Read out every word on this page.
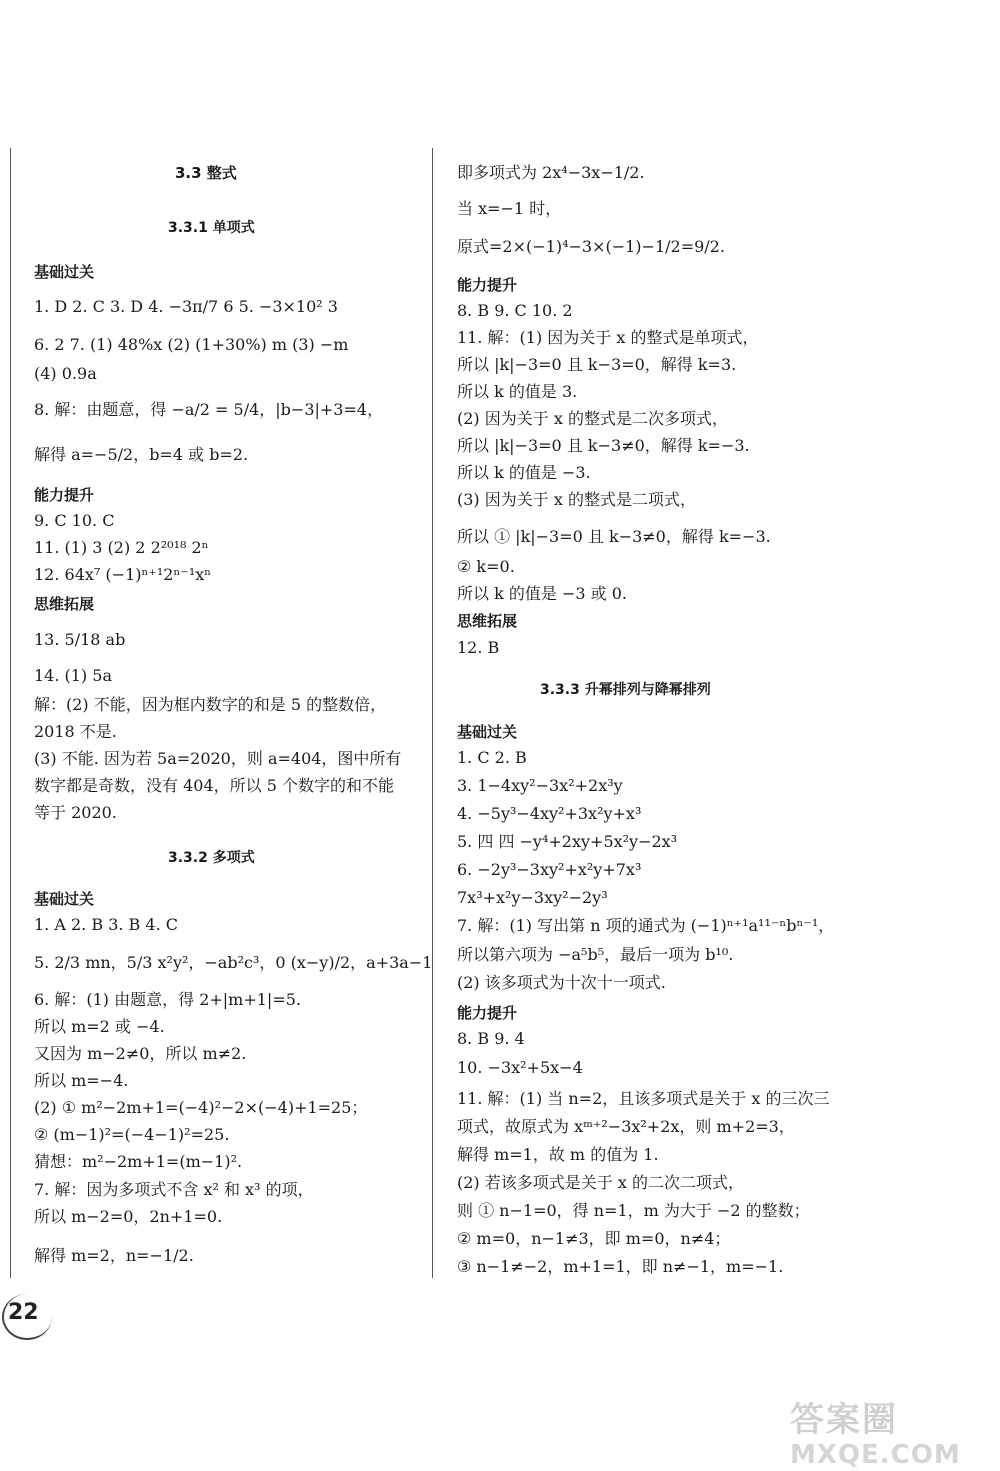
3.3 整式
3.3.1 单项式
基础过关
1. D 2. C 3. D 4. −3π/7 6 5. −3×10² 3
6. 2 7. (1) 48%x (2) (1+30%) m (3) −m
(4) 0.9a
8. 解：由题意，得 −a/2 = 5/4，|b−3|+3=4，
解得 a=−5/2，b=4 或 b=2.
能力提升
9. C 10. C
11. (1) 3 (2) 2 2²⁰¹⁸ 2ⁿ
12. 64x⁷ (−1)ⁿ⁺¹2ⁿ⁻¹xⁿ
思维拓展
13. 5/18 ab
14. (1) 5a
解：(2) 不能，因为框内数字的和是 5 的整数倍，
2018 不是.
(3) 不能. 因为若 5a=2020，则 a=404，图中所有
数字都是奇数，没有 404，所以 5 个数字的和不能
等于 2020.
3.3.2 多项式
基础过关
1. A 2. B 3. B 4. C
5. 2/3 mn，5/3 x²y²，−ab²c³，0 (x−y)/2，a+3a−1
6. 解：(1) 由题意，得 2+|m+1|=5.
所以 m=2 或 −4.
又因为 m−2≠0，所以 m≠2.
所以 m=−4.
(2) ① m²−2m+1=(−4)²−2×(−4)+1=25；
② (m−1)²=(−4−1)²=25.
猜想：m²−2m+1=(m−1)².
7. 解：因为多项式不含 x² 和 x³ 的项，
所以 m−2=0，2n+1=0.
解得 m=2，n=−1/2.
即多项式为 2x⁴−3x−1/2.
当 x=−1 时，
原式=2×(−1)⁴−3×(−1)−1/2=9/2.
能力提升
8. B 9. C 10. 2
11. 解：(1) 因为关于 x 的整式是单项式，
所以 |k|−3=0 且 k−3=0，解得 k=3.
所以 k 的值是 3.
(2) 因为关于 x 的整式是二次多项式，
所以 |k|−3=0 且 k−3≠0，解得 k=−3.
所以 k 的值是 −3.
(3) 因为关于 x 的整式是二项式，
所以 ① |k|−3=0 且 k−3≠0，解得 k=−3.
② k=0.
所以 k 的值是 −3 或 0.
思维拓展
12. B
3.3.3 升幂排列与降幂排列
基础过关
1. C 2. B
3. 1−4xy²−3x²+2x³y
4. −5y³−4xy²+3x²y+x³
5. 四 四 −y⁴+2xy+5x²y−2x³
6. −2y³−3xy²+x²y+7x³
7x³+x²y−3xy²−2y³
7. 解：(1) 写出第 n 项的通式为 (−1)ⁿ⁺¹a¹¹⁻ⁿbⁿ⁻¹，
所以第六项为 −a⁵b⁵，最后一项为 b¹⁰.
(2) 该多项式为十次十一项式.
能力提升
8. B 9. 4
10. −3x²+5x−4
11. 解：(1) 当 n=2，且该多项式是关于 x 的三次三
项式，故原式为 xᵐ⁺²−3x²+2x，则 m+2=3，
解得 m=1，故 m 的值为 1.
(2) 若该多项式是关于 x 的二次二项式，
则 ① n−1=0，得 n=1，m 为大于 −2 的整数；
② m=0，n−1≠3，即 m=0，n≠4；
③ n−1≠−2，m+1=1，即 n≠−1，m=−1.
22
答案圈
MXQE.COM
